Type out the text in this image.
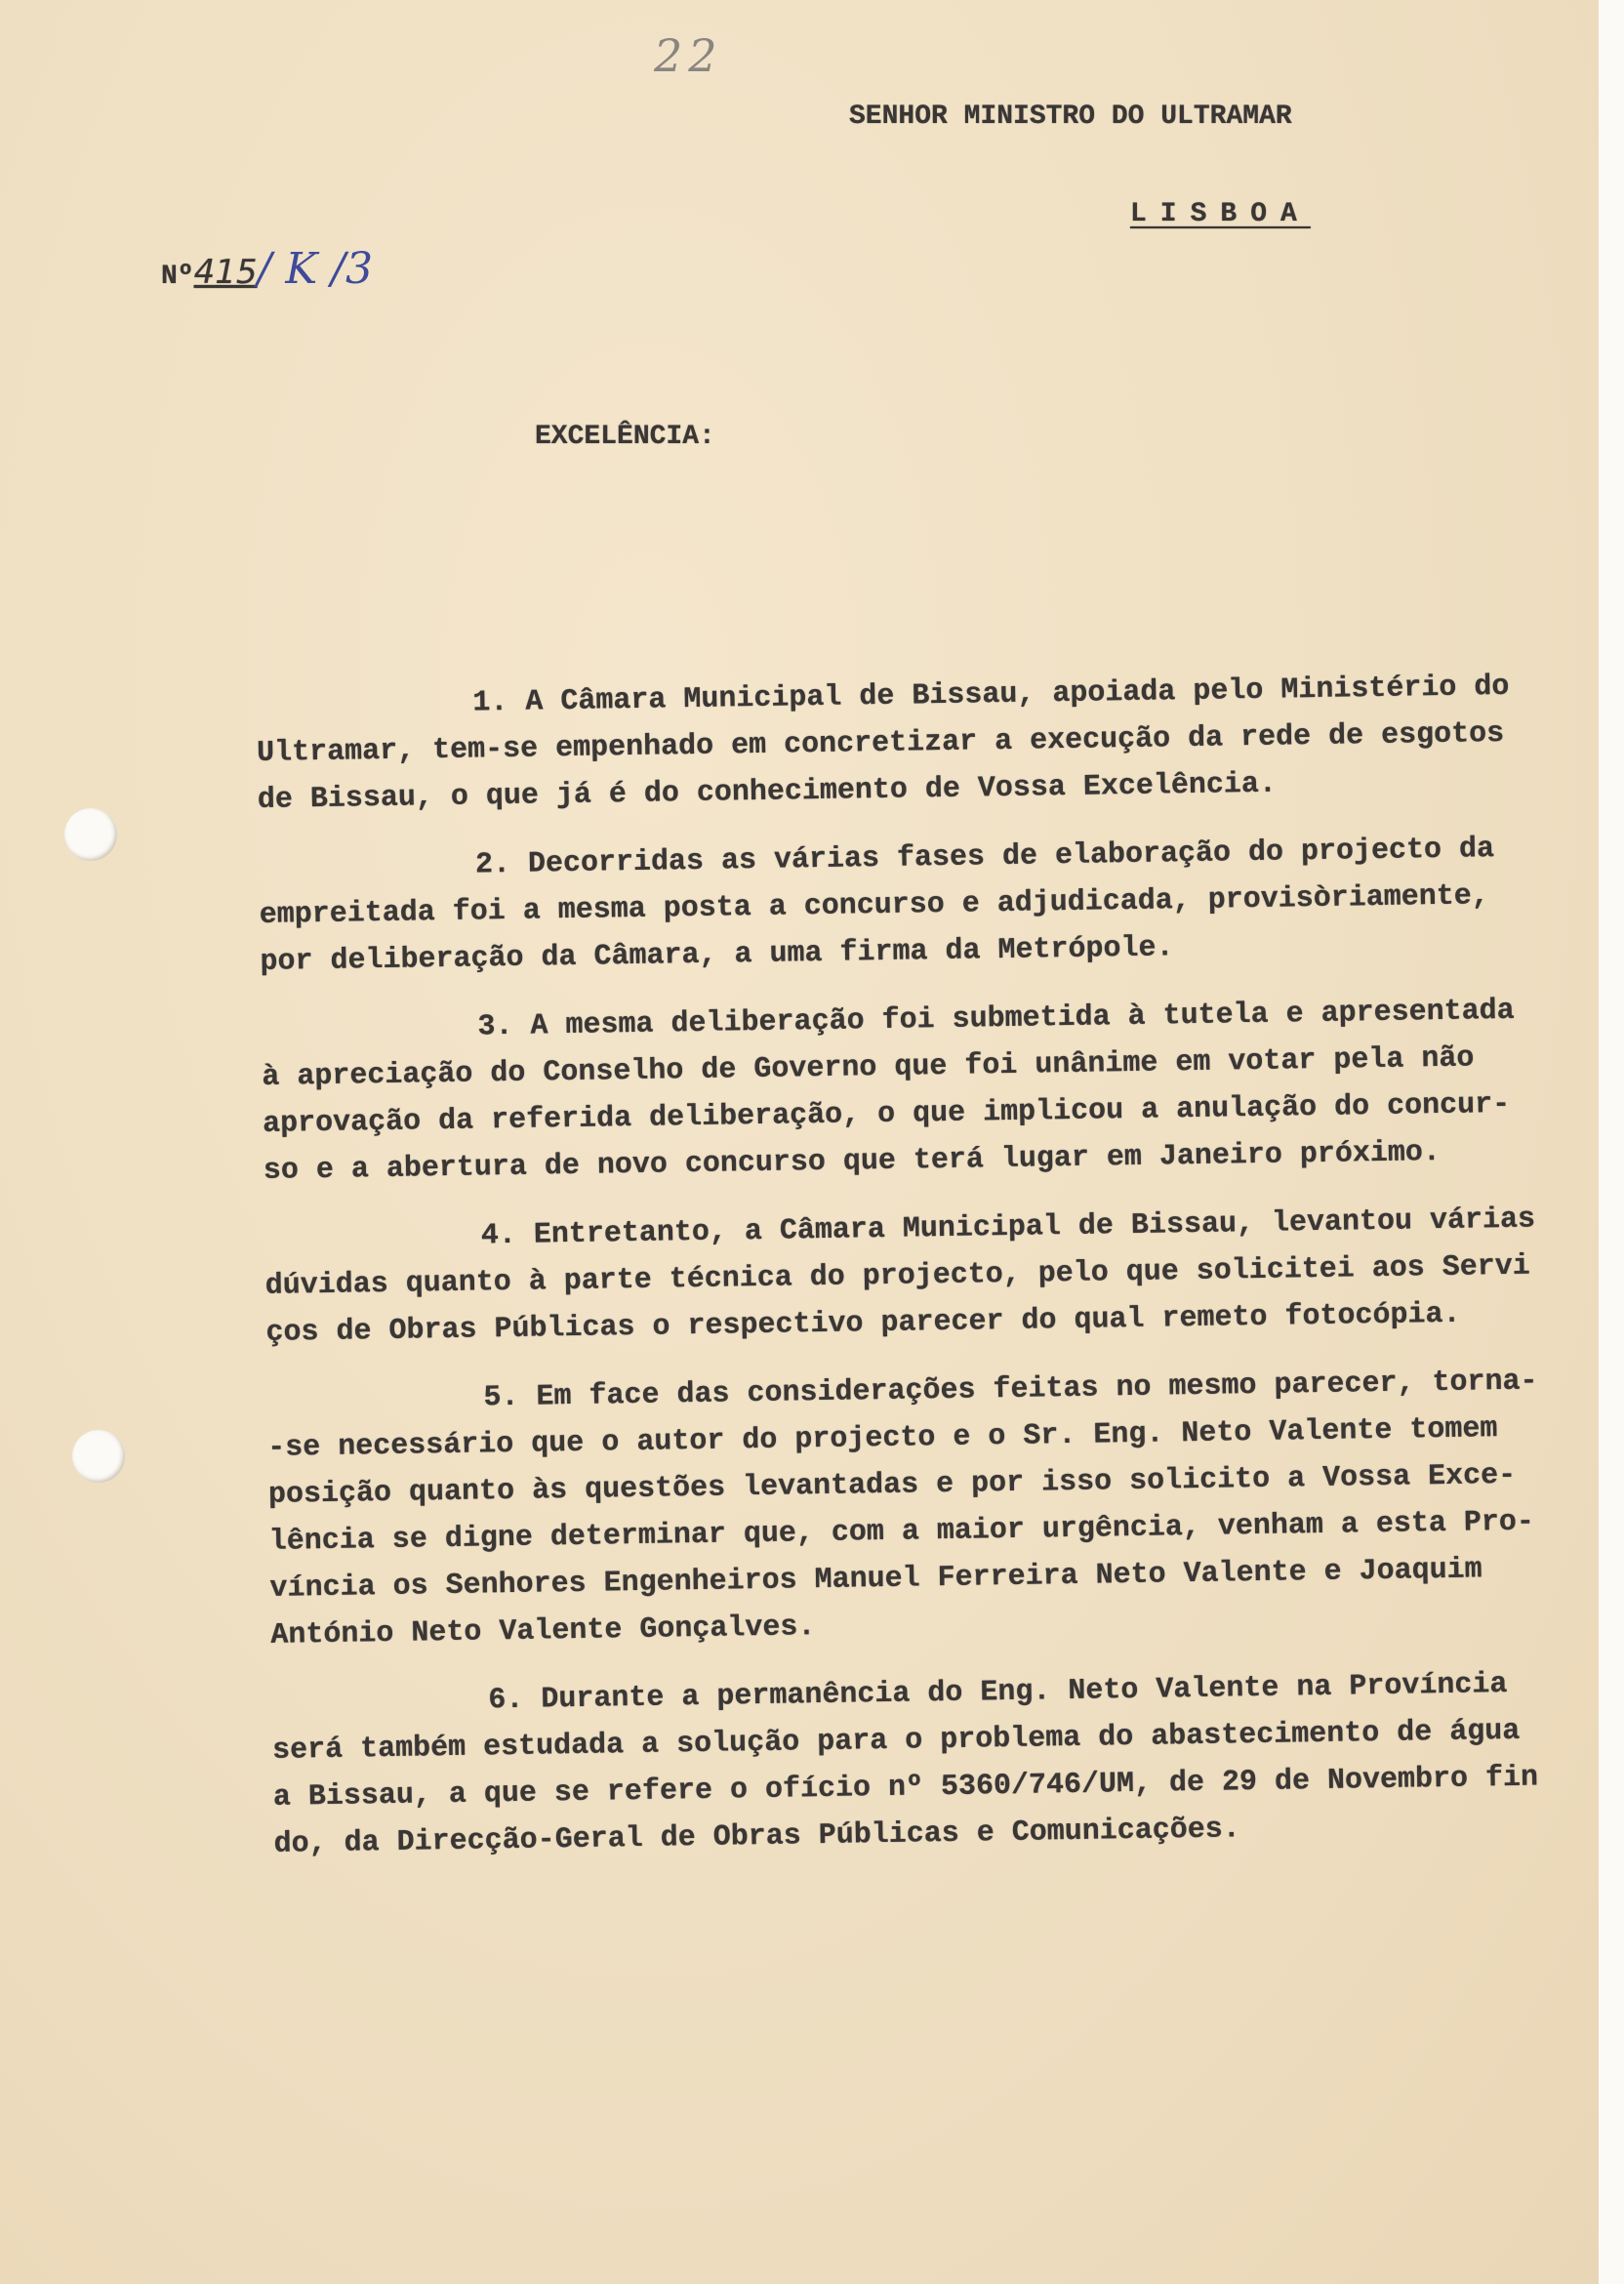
22
SENHOR MINISTRO DO ULTRAMAR
LISBOA
Nº415/ K /3
EXCELÊNCIA:
1. A Câmara Municipal de Bissau, apoiada pelo Ministério do
Ultramar, tem-se empenhado em concretizar a execução da rede de esgotos
de Bissau, o que já é do conhecimento de Vossa Excelência.
2. Decorridas as várias fases de elaboração do projecto da
empreitada foi a mesma posta a concurso e adjudicada, provisòriamente,
por deliberação da Câmara, a uma firma da Metrópole.
3. A mesma deliberação foi submetida à tutela e apresentada
à apreciação do Conselho de Governo que foi unânime em votar pela não
aprovação da referida deliberação, o que implicou a anulação do concur-
so e a abertura de novo concurso que terá lugar em Janeiro próximo.
4. Entretanto, a Câmara Municipal de Bissau, levantou várias
dúvidas quanto à parte técnica do projecto, pelo que solicitei aos Servi
ços de Obras Públicas o respectivo parecer do qual remeto fotocópia.
5. Em face das considerações feitas no mesmo parecer, torna-
-se necessário que o autor do projecto e o Sr. Eng. Neto Valente tomem
posição quanto às questões levantadas e por isso solicito a Vossa Exce-
lência se digne determinar que, com a maior urgência, venham a esta Pro-
víncia os Senhores Engenheiros Manuel Ferreira Neto Valente e Joaquim
António Neto Valente Gonçalves.
6. Durante a permanência do Eng. Neto Valente na Província
será também estudada a solução para o problema do abastecimento de água
a Bissau, a que se refere o ofício nº 5360/746/UM, de 29 de Novembro fin
do, da Direcção-Geral de Obras Públicas e Comunicações.
